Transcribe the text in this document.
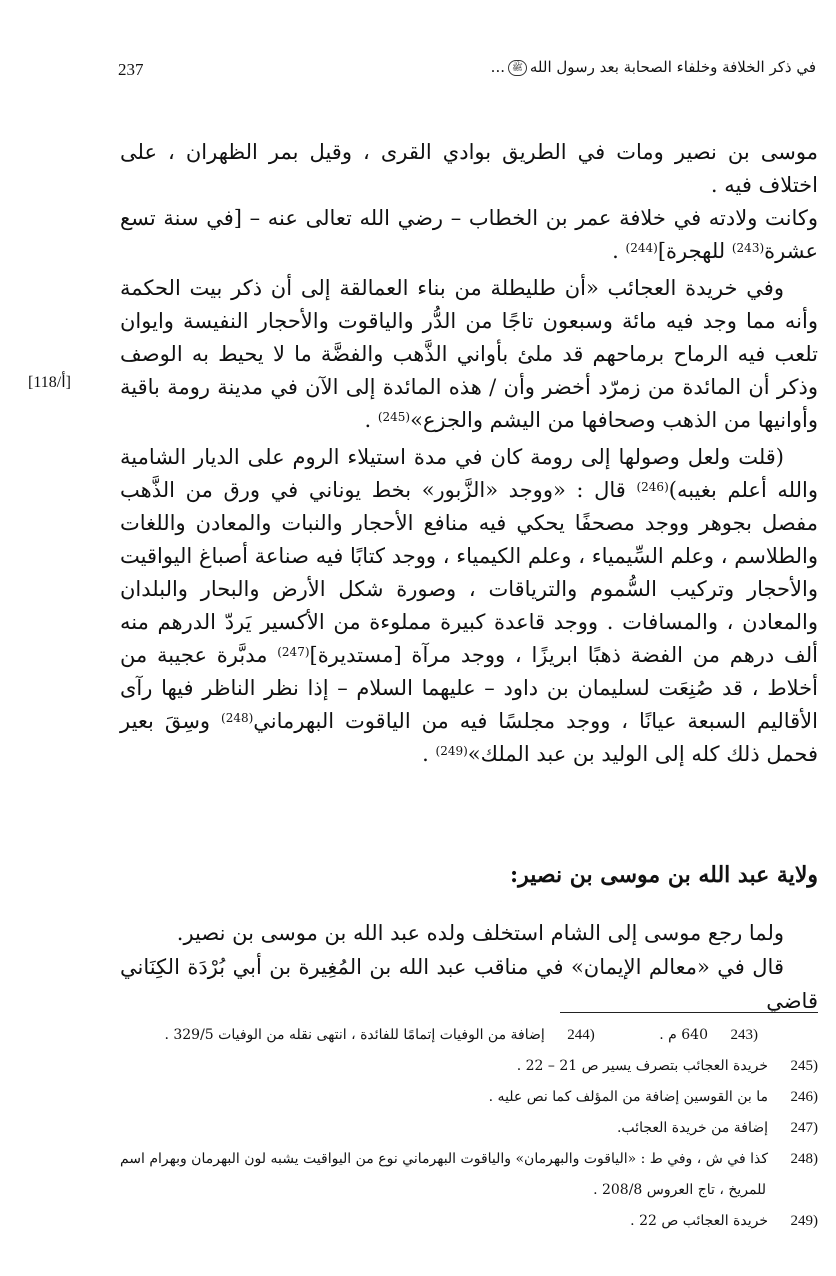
237	في ذكر الخلافة وخلفاء الصحابة بعد رسول اللهﷺ...

موسى بن نصير ومات في الطريق بوادي القرى ، وقيل بمر الظهران ، على اختلاف فيه .

وكانت ولادته في خلافة عمر بن الخطاب – رضي الله تعالى عنه – [في سنة تسع عشرة$^{(243)}$ للهجرة]$^{(244)}$ .

وفي خريدة العجائب «أن طليطلة من بناء العمالقة إلى أن ذكر بيت الحكمة وأنه مما وجد فيه مائة وسبعون تاجًا من الدُّر والياقوت والأحجار النفيسة وايوان تلعب فيه الرماح برماحهم قد ملئ بأواني الذَّهب والفضَّة ما لا يحيط به الوصف وذكر أن المائدة من زمرّد أخضر وأن / هذه المائدة إلى الآن في مدينة رومة باقية وأوانيها من الذهب وصحافها من اليشم والجزع»$^{(245)}$ .

(قلت ولعل وصولها إلى رومة كان في مدة استيلاء الروم على الديار الشامية والله أعلم بغيبه)$^{(246)}$ قال : «ووجد «الزَّبور» بخط يوناني في ورق من الذَّهب مفصل بجوهر ووجد مصحفًا يحكي فيه منافع الأحجار والنبات والمعادن واللغات والطلاسم ، وعلم السِّيمياء ، وعلم الكيمياء ، ووجد كتابًا فيه صناعة أصباغ اليواقيت والأحجار وتركيب السُّموم والترياقات ، وصورة شكل الأرض والبحار والبلدان والمعادن ، والمسافات . ووجد قاعدة كبيرة مملوءة من الأكسير يَردّ الدرهم منه ألف درهم من الفضة ذهبًا ابريزًا ، ووجد مرآة [مستديرة]$^{(247)}$ مدبَّرة عجيبة من أخلاط ، قد صُنِعَت لسليمان بن داود – عليهما السلام – إذا نظر الناظر فيها رآى الأقاليم السبعة عيانًا ، ووجد مجلسًا فيه من الياقوت البهرماني$^{(248)}$ وسِقَ بعير فحمل ذلك كله إلى الوليد بن عبد الملك»$^{(249)}$ .

[118/أ]
ولاية عبد الله بن موسى بن نصير:

ولما رجع موسى إلى الشام استخلف ولده عبد الله بن موسى بن نصير.

قال في «معالم الإيمان» في مناقب عبد الله بن المُغِيرة بن أبي بُرْدَة الكِنَاني قاضي

243)640 م . 244)إضافة من الوفيات إتمامًا للفائدة ، انتهى نقله من الوفيات 329/5 .
245)خريدة العجائب بتصرف يسير ص 21 – 22 .
246)ما بن القوسين إضافة من المؤلف كما نص عليه .
247)إضافة من خريدة العجائب.
248)كذا في ش ، وفي ط : «الياقوت والبهرمان» والياقوت البهرماني نوع من اليواقيت يشبه لون البهرمان وبهرام اسم
للمريخ ، تاج العروس 208/8 .
249)خريدة العجائب ص 22 .
